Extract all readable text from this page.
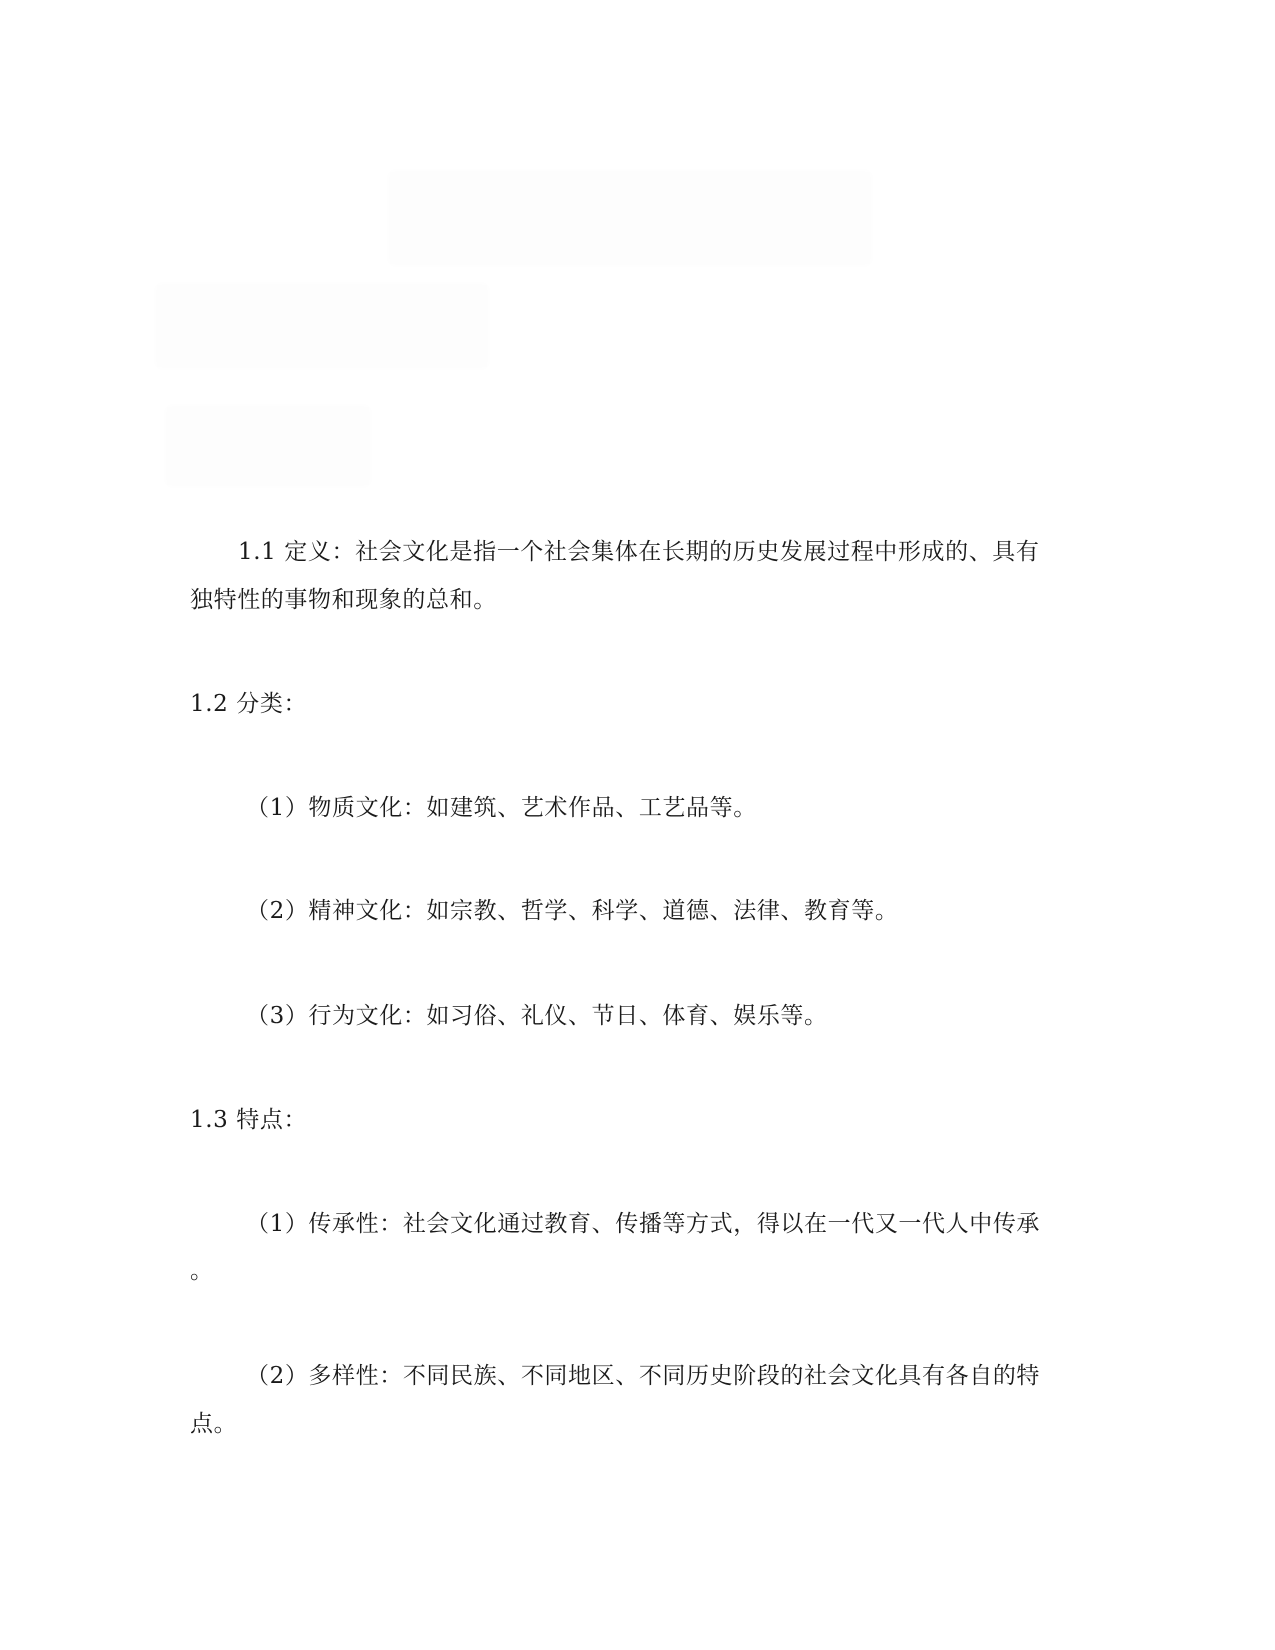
1.1 定义：社会文化是指一个社会集体在长期的历史发展过程中形成的、具有
独特性的事物和现象的总和。
1.2 分类：
（1）物质文化：如建筑、艺术作品、工艺品等。
（2）精神文化：如宗教、哲学、科学、道德、法律、教育等。
（3）行为文化：如习俗、礼仪、节日、体育、娱乐等。
1.3 特点：
（1）传承性：社会文化通过教育、传播等方式，得以在一代又一代人中传承
。
（2）多样性：不同民族、不同地区、不同历史阶段的社会文化具有各自的特
点。
